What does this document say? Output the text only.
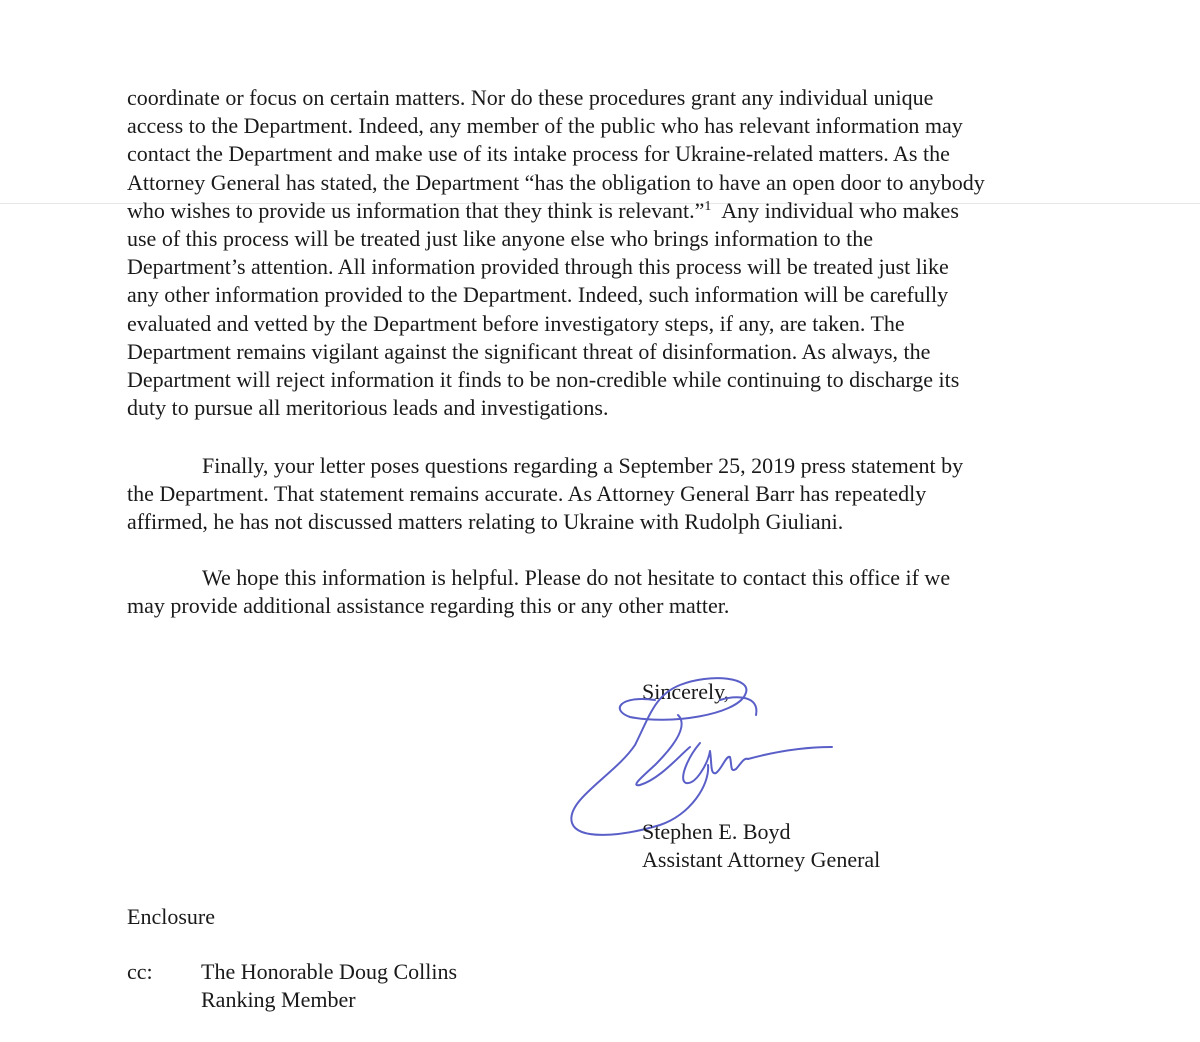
coordinate or focus on certain matters. Nor do these procedures grant any individual unique
access to the Department. Indeed, any member of the public who has relevant information may
contact the Department and make use of its intake process for Ukraine-related matters. As the
Attorney General has stated, the Department “has the obligation to have an open door to anybody
who wishes to provide us information that they think is relevant.”$^1$  Any individual who makes
use of this process will be treated just like anyone else who brings information to the
Department’s attention. All information provided through this process will be treated just like
any other information provided to the Department. Indeed, such information will be carefully
evaluated and vetted by the Department before investigatory steps, if any, are taken. The
Department remains vigilant against the significant threat of disinformation. As always, the
Department will reject information it finds to be non-credible while continuing to discharge its
duty to pursue all meritorious leads and investigations.

Finally, your letter poses questions regarding a September 25, 2019 press statement by
the Department. That statement remains accurate. As Attorney General Barr has repeatedly
affirmed, he has not discussed matters relating to Ukraine with Rudolph Giuliani.

We hope this information is helpful. Please do not hesitate to contact this office if we
may provide additional assistance regarding this or any other matter.

Sincerely,

Stephen E. Boyd
Assistant Attorney General

Enclosure

cc: The Honorable Doug Collins
Ranking Member
